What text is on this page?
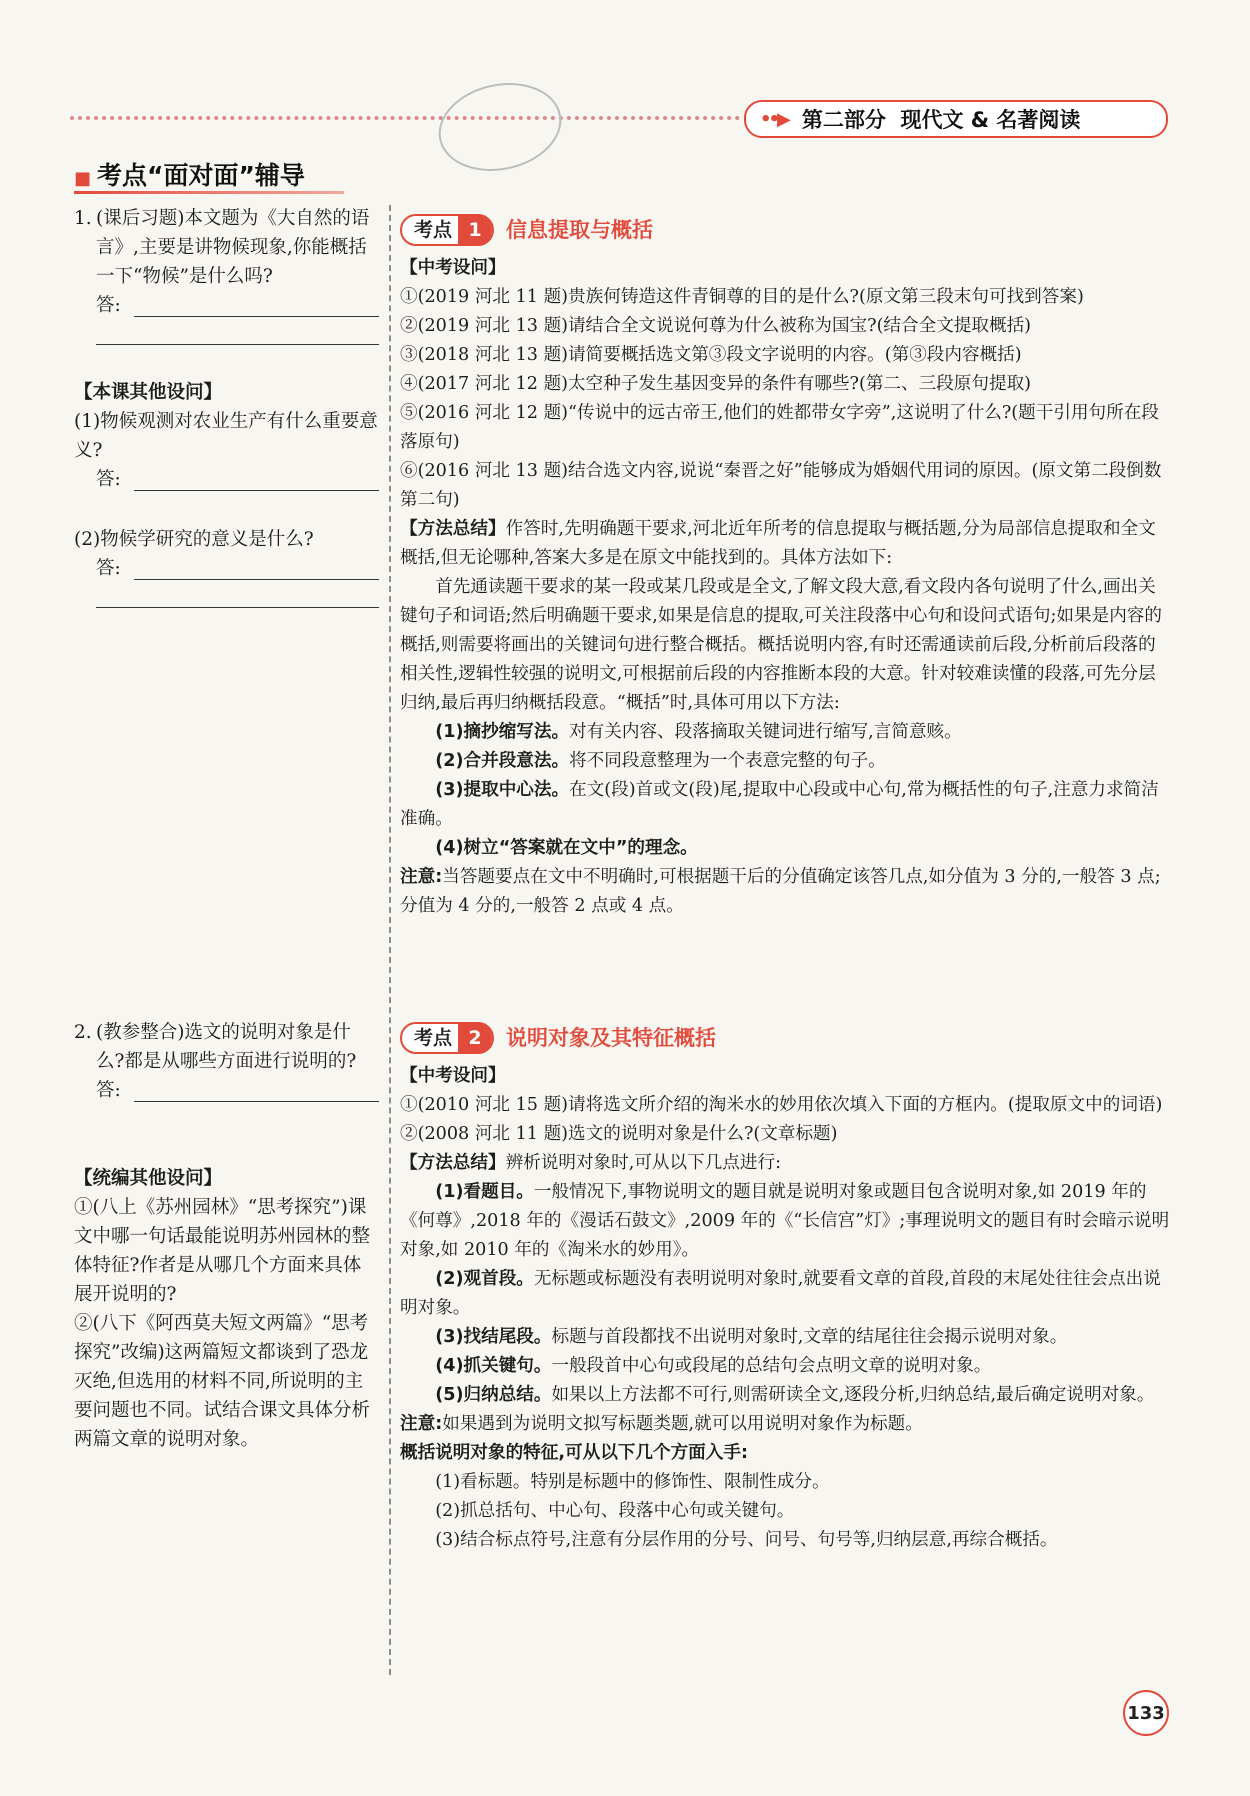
••▶ 第二部分
现代文 & 名著阅读
■ 考点“面对面”辅导

1. (课后习题)本文题为《大自然的语言》,主要是讲物候现象,你能概括一下“物候”是什么吗?

答:

【本课其他设问】

(1)物候观测对农业生产有什么重要意义?

答:

(2)物候学研究的意义是什么?

答:

2. (教参整合)选文的说明对象是什么?都是从哪些方面进行说明的?

答:

【统编其他设问】

①(八上《苏州园林》“思考探究”)课文中哪一句话最能说明苏州园林的整体特征?作者是从哪几个方面来具体展开说明的?

②(八下《阿西莫夫短文两篇》“思考探究”改编)这两篇短文都谈到了恐龙灭绝,但选用的材料不同,所说明的主要问题也不同。试结合课文具体分析两篇文章的说明对象。

考点 1	信息提取与概括

【中考设问】

①(2019 河北 11 题)贵族何铸造这件青铜尊的目的是什么?(原文第三段末句可找到答案)

②(2019 河北 13 题)请结合全文说说何尊为什么被称为国宝?(结合全文提取概括)

③(2018 河北 13 题)请简要概括选文第③段文字说明的内容。(第③段内容概括)

④(2017 河北 12 题)太空种子发生基因变异的条件有哪些?(第二、三段原句提取)

⑤(2016 河北 12 题)“传说中的远古帝王,他们的姓都带女字旁”,这说明了什么?(题干引用句所在段落原句)

⑥(2016 河北 13 题)结合选文内容,说说“秦晋之好”能够成为婚姻代用词的原因。(原文第二段倒数第二句)

【方法总结】作答时,先明确题干要求,河北近年所考的信息提取与概括题,分为局部信息提取和全文概括,但无论哪种,答案大多是在原文中能找到的。具体方法如下:

首先通读题干要求的某一段或某几段或是全文,了解文段大意,看文段内各句说明了什么,画出关键句子和词语;然后明确题干要求,如果是信息的提取,可关注段落中心句和设问式语句;如果是内容的概括,则需要将画出的关键词句进行整合概括。概括说明内容,有时还需通读前后段,分析前后段落的相关性,逻辑性较强的说明文,可根据前后段的内容推断本段的大意。针对较难读懂的段落,可先分层归纳,最后再归纳概括段意。“概括”时,具体可用以下方法:

(1)摘抄缩写法。对有关内容、段落摘取关键词进行缩写,言简意赅。

(2)合并段意法。将不同段意整理为一个表意完整的句子。

(3)提取中心法。在文(段)首或文(段)尾,提取中心段或中心句,常为概括性的句子,注意力求简洁准确。

(4)树立“答案就在文中”的理念。

注意:当答题要点在文中不明确时,可根据题干后的分值确定该答几点,如分值为 3 分的,一般答 3 点;分值为 4 分的,一般答 2 点或 4 点。

考点 2	说明对象及其特征概括

【中考设问】

①(2010 河北 15 题)请将选文所介绍的淘米水的妙用依次填入下面的方框内。(提取原文中的词语)

②(2008 河北 11 题)选文的说明对象是什么?(文章标题)

【方法总结】辨析说明对象时,可从以下几点进行:

(1)看题目。一般情况下,事物说明文的题目就是说明对象或题目包含说明对象,如 2019 年的《何尊》,2018 年的《漫话石鼓文》,2009 年的《“长信宫”灯》;事理说明文的题目有时会暗示说明对象,如 2010 年的《淘米水的妙用》。

(2)观首段。无标题或标题没有表明说明对象时,就要看文章的首段,首段的末尾处往往会点出说明对象。

(3)找结尾段。标题与首段都找不出说明对象时,文章的结尾往往会揭示说明对象。

(4)抓关键句。一般段首中心句或段尾的总结句会点明文章的说明对象。

(5)归纳总结。如果以上方法都不可行,则需研读全文,逐段分析,归纳总结,最后确定说明对象。

注意:如果遇到为说明文拟写标题类题,就可以用说明对象作为标题。

概括说明对象的特征,可从以下几个方面入手:

(1)看标题。特别是标题中的修饰性、限制性成分。

(2)抓总括句、中心句、段落中心句或关键句。

(3)结合标点符号,注意有分层作用的分号、问号、句号等,归纳层意,再综合概括。

133
